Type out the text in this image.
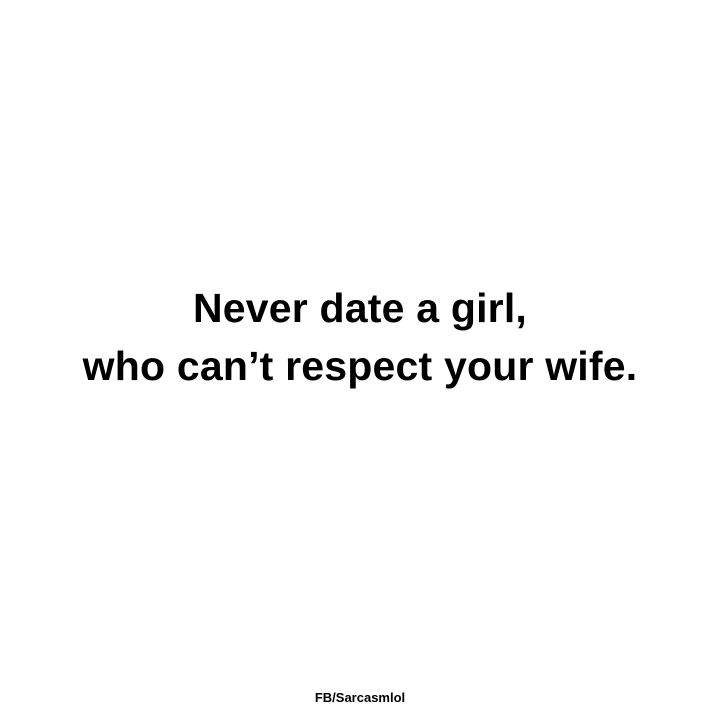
Never date a girl,
who can’t respect your wife.
FB/Sarcasmlol
